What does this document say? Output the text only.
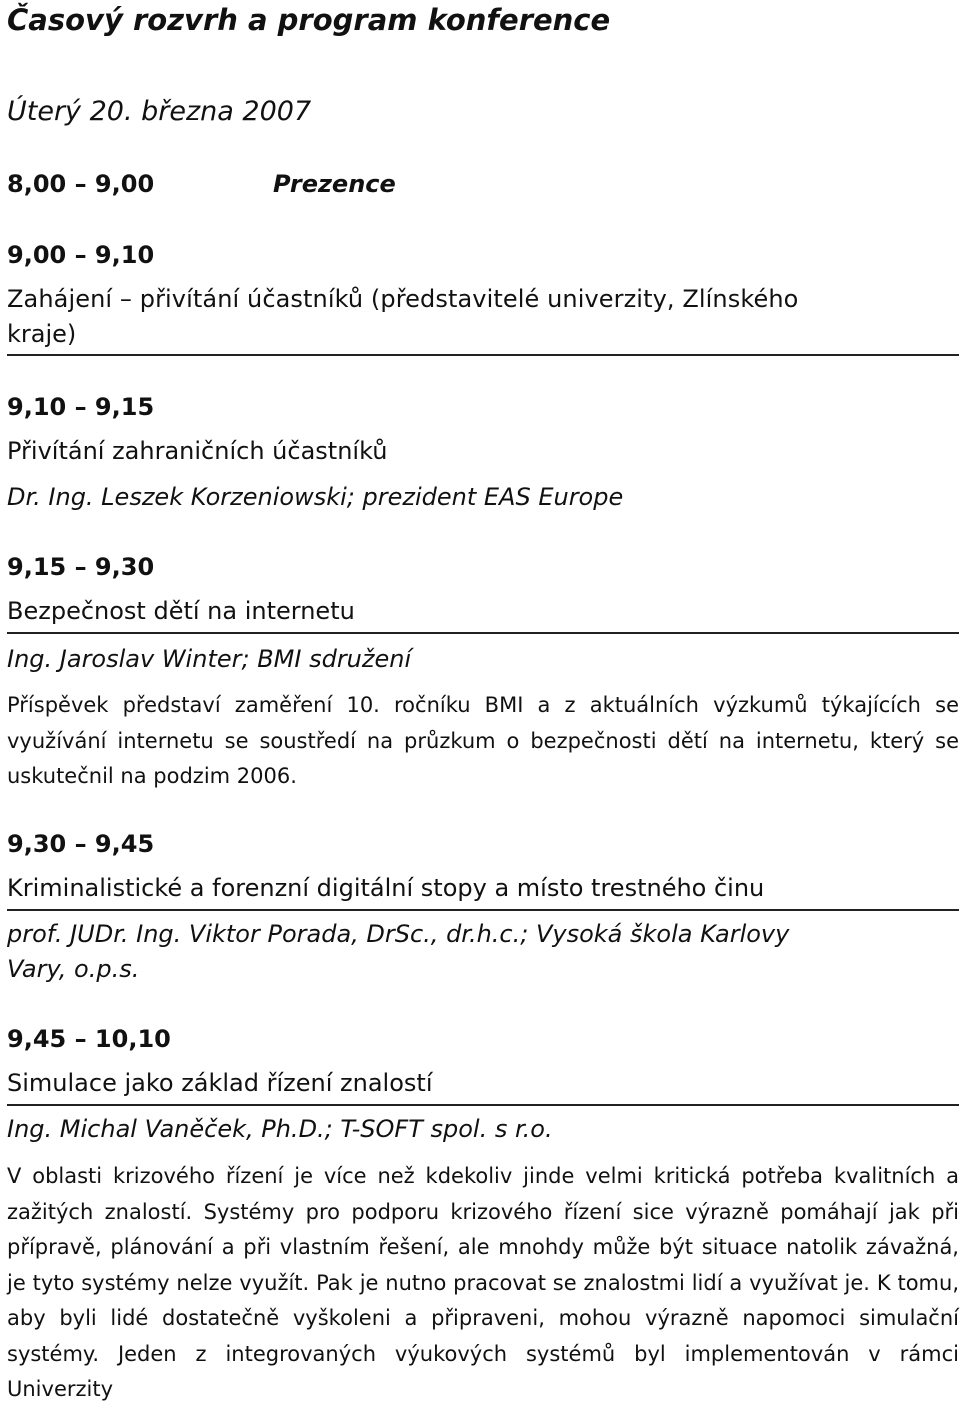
Časový rozvrh a program konference
Úterý 20. března 2007
8,00 – 9,00	Prezence
9,00 – 9,10
Zahájení – přivítání účastníků (představitelé univerzity, Zlínského
kraje)
9,10 – 9,15
Přivítání zahraničních účastníků
Dr. Ing. Leszek Korzeniowski; prezident EAS Europe
9,15 – 9,30
Bezpečnost dětí na internetu
Ing. Jaroslav Winter; BMI sdružení
Příspěvek představí zaměření 10. ročníku BMI a z aktuálních výzkumů týkajících se využívání internetu se soustředí na průzkum o bezpečnosti dětí na internetu, který se uskutečnil na podzim 2006.
9,30 – 9,45
Kriminalistické a forenzní digitální stopy a místo trestného činu
prof. JUDr. Ing. Viktor Porada, DrSc., dr.h.c.; Vysoká škola Karlovy
Vary, o.p.s.
9,45 – 10,10
Simulace jako základ řízení znalostí
Ing. Michal Vaněček, Ph.D.; T-SOFT spol. s r.o.
V oblasti krizového řízení je více než kdekoliv jinde velmi kritická potřeba kvalitních a zažitých znalostí. Systémy pro podporu krizového řízení sice výrazně pomáhají jak při přípravě, plánování a při vlastním řešení, ale mnohdy může být situace natolik závažná, je tyto systémy nelze využít. Pak je nutno pracovat se znalostmi lidí a využívat je. K tomu, aby byli lidé dostatečně vyškoleni a připraveni, mohou výrazně napomoci simulační systémy. Jeden z integrovaných výukových systémů byl implementován v rámci Univerzity
